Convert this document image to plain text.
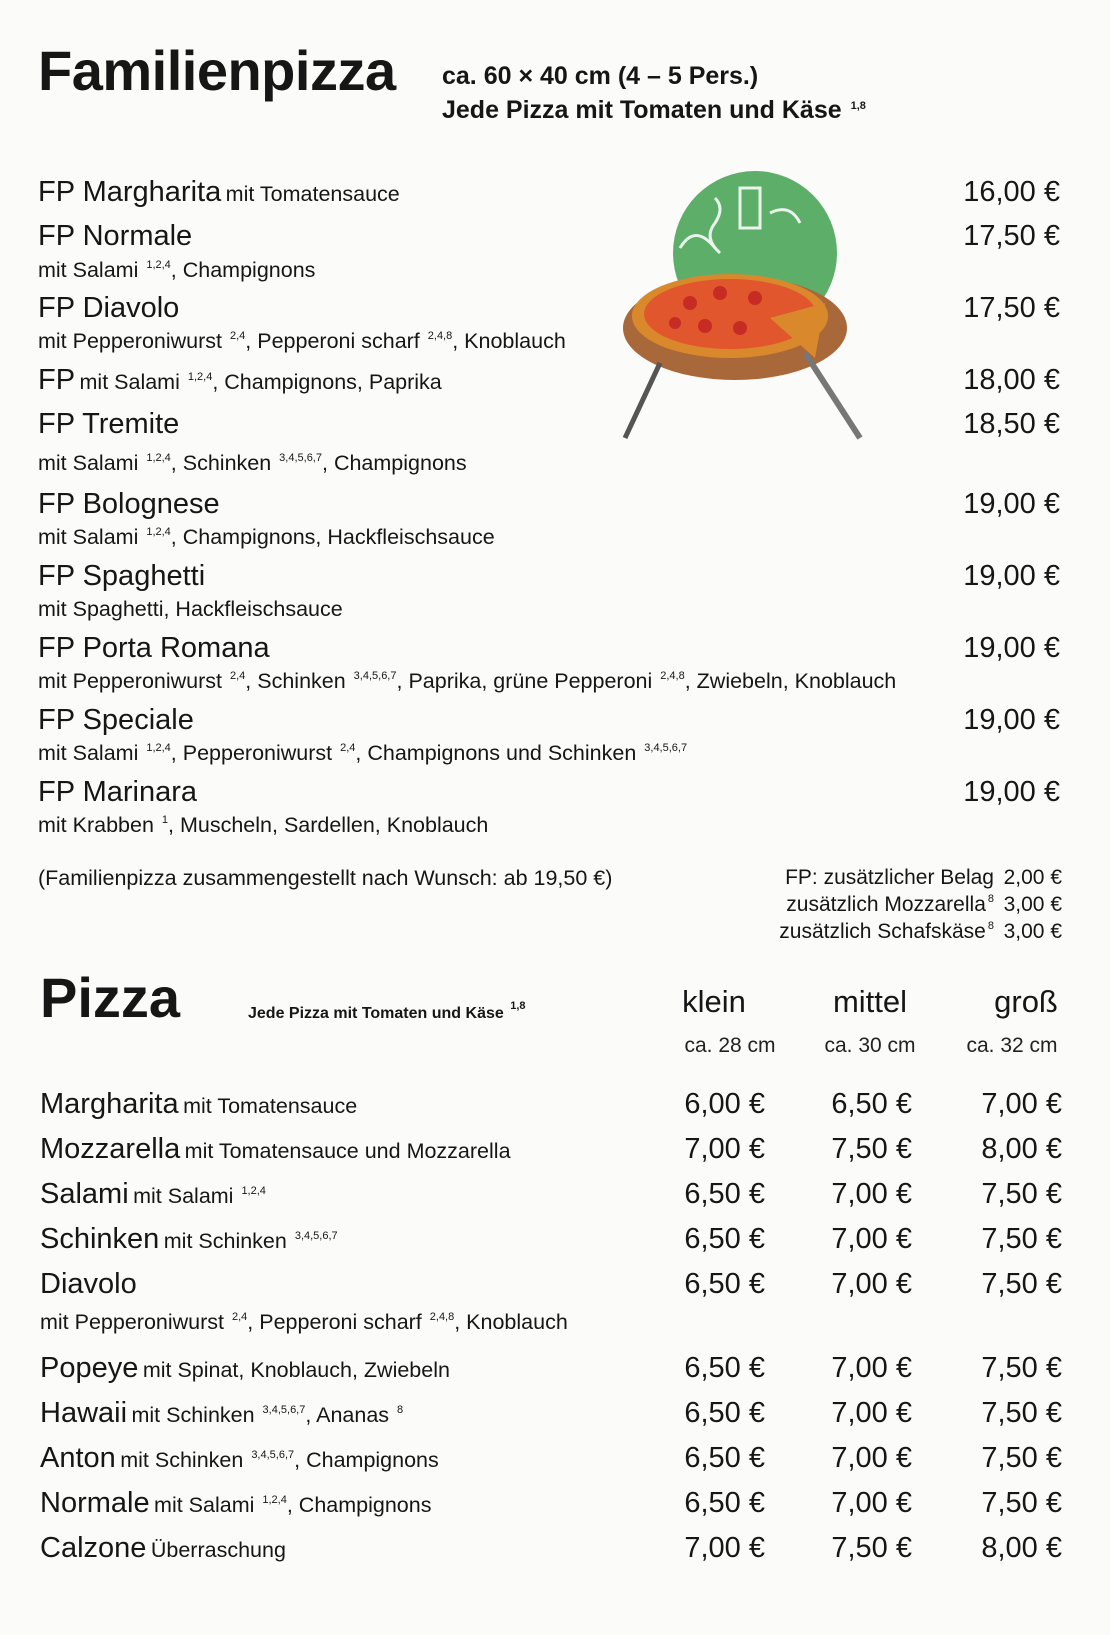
Familienpizza ca. 60 × 40 cm (4 – 5 Pers.)
Jede Pizza mit Tomaten und Käse $^{1,8}$
FP Margharita mit Tomatensauce	16,00 €
FP Normale
mit Salami $^{1,2,4}$, Champignons
17,50 €
FP Diavolo
mit Pepperoniwurst $^{2,4}$, Pepperoni scharf $^{2,4,8}$, Knoblauch
17,50 €
FP mit Salami $^{1,2,4}$, Champignons, Paprika	18,00 €
FP Tremite
mit Salami $^{1,2,4}$, Schinken $^{3,4,5,6,7}$, Champignons
18,50 €
FP Bolognese
mit Salami $^{1,2,4}$, Champignons, Hackfleischsauce
19,00 €
FP Spaghetti
mit Spaghetti, Hackfleischsauce
19,00 €
FP Porta Romana
mit Pepperoniwurst $^{2,4}$, Schinken $^{3,4,5,6,7}$, Paprika, grüne Pepperoni $^{2,4,8}$, Zwiebeln, Knoblauch
19,00 €
FP Speciale
mit Salami $^{1,2,4}$, Pepperoniwurst $^{2,4}$, Champignons und Schinken $^{3,4,5,6,7}$
19,00 €
FP Marinara
mit Krabben $^1$, Muscheln, Sardellen, Knoblauch
19,00 €
(Familienpizza zusammengestellt nach Wunsch: ab 19,50 €)	FP: zusätzlicher Belag 2,00 €
zusätzlich Mozzarella $^8$ 3,00 €
zusätzlich Schafskäse $^8$ 3,00 €
Pizza	Jede Pizza mit Tomaten und Käse $^{1,8}$	klein	mittel	groß
ca. 28 cm	ca. 30 cm	ca. 32 cm
Margharita mit Tomatensauce	6,00 €	6,50 €	7,00 €
Mozzarella mit Tomatensauce und Mozzarella	7,00 €	7,50 €	8,00 €
Salami mit Salami $^{1,2,4}$	6,50 €	7,00 €	7,50 €
Schinken mit Schinken $^{3,4,5,6,7}$	6,50 €	7,00 €	7,50 €
Diavolo
mit Pepperoniwurst $^{2,4}$, Pepperoni scharf $^{2,4,8}$, Knoblauch
6,50 €	7,00 €	7,50 €
Popeye mit Spinat, Knoblauch, Zwiebeln	6,50 €	7,00 €	7,50 €
Hawaii mit Schinken $^{3,4,5,6,7}$, Ananas $^8$	6,50 €	7,00 €	7,50 €
Anton mit Schinken $^{3,4,5,6,7}$, Champignons	6,50 €	7,00 €	7,50 €
Normale mit Salami $^{1,2,4}$, Champignons	6,50 €	7,00 €	7,50 €
Calzone Überraschung	7,00 €	7,50 €	8,00 €
